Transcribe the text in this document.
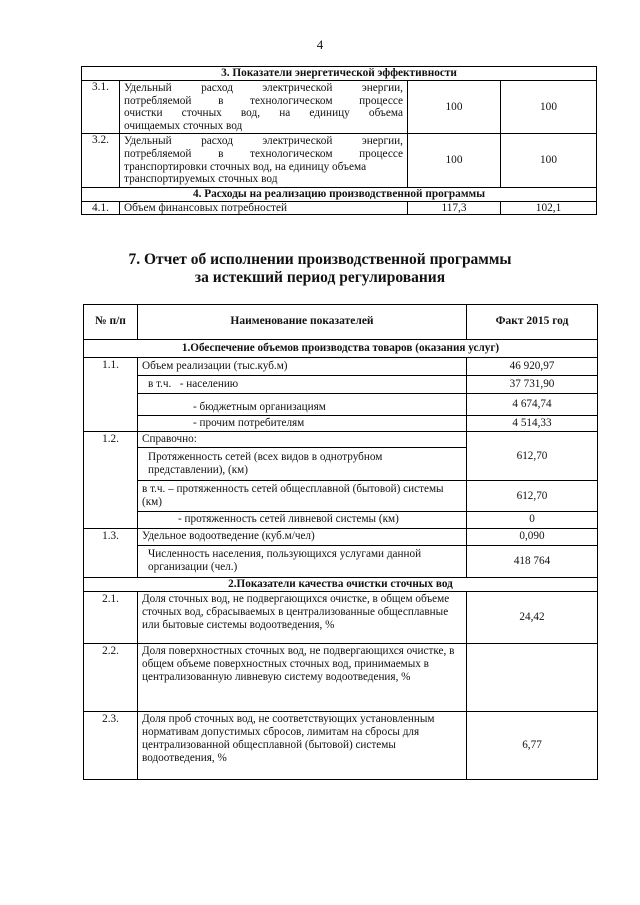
4
3. Показатели энергетической эффективности			
3.1.	Удельный расход электрической энергии,
потребляемой в технологическом процессе
очистки сточных вод, на единицу объема
очищаемых сточных вод	100	100
3.2.	Удельный расход электрической энергии,
потребляемой в технологическом процессе
транспортировки сточных вод, на единицу объема
транспортируемых сточных вод	100	100
4. Расходы на реализацию производственной программы			
4.1.	Объем финансовых потребностей	117,3	102,1
7. Отчет об исполнении производственной программы
за истекший период регулирования
№ п/п	Наименование показателей	Факт 2015 год
1.Обеспечение объемов производства товаров (оказания услуг)		
1.1.	Объем реализации (тыс.куб.м)	46 920,97
	в т.ч.   - населению	37 731,90
	- бюджетным организациям	4 674,74
	- прочим потребителям	4 514,33
1.2.	Справочно:	612,70
	Протяженность сетей (всех видов в однотрубном представлении), (км)	
	в т.ч. – протяженность сетей общесплавной (бытовой) системы (км)	612,70
	- протяженность сетей ливневой системы (км)	0
1.3.	Удельное водоотведение (куб.м/чел)	0,090
	Численность населения, пользующихся услугами данной организации (чел.)	418 764
2.Показатели качества очистки сточных вод		
2.1.	Доля сточных вод, не подвергающихся очистке, в общем объеме сточных вод, сбрасываемых в централизованные общесплавные или бытовые системы водоотведения, %	24,42
2.2.	Доля поверхностных сточных вод, не подвергающихся очистке, в общем объеме поверхностных сточных вод, принимаемых в централизованную ливневую систему водоотведения, %	
2.3.	Доля проб сточных вод, не соответствующих установленным нормативам допустимых сбросов, лимитам на сбросы для централизованной общесплавной (бытовой) системы водоотведения, %	6,77
